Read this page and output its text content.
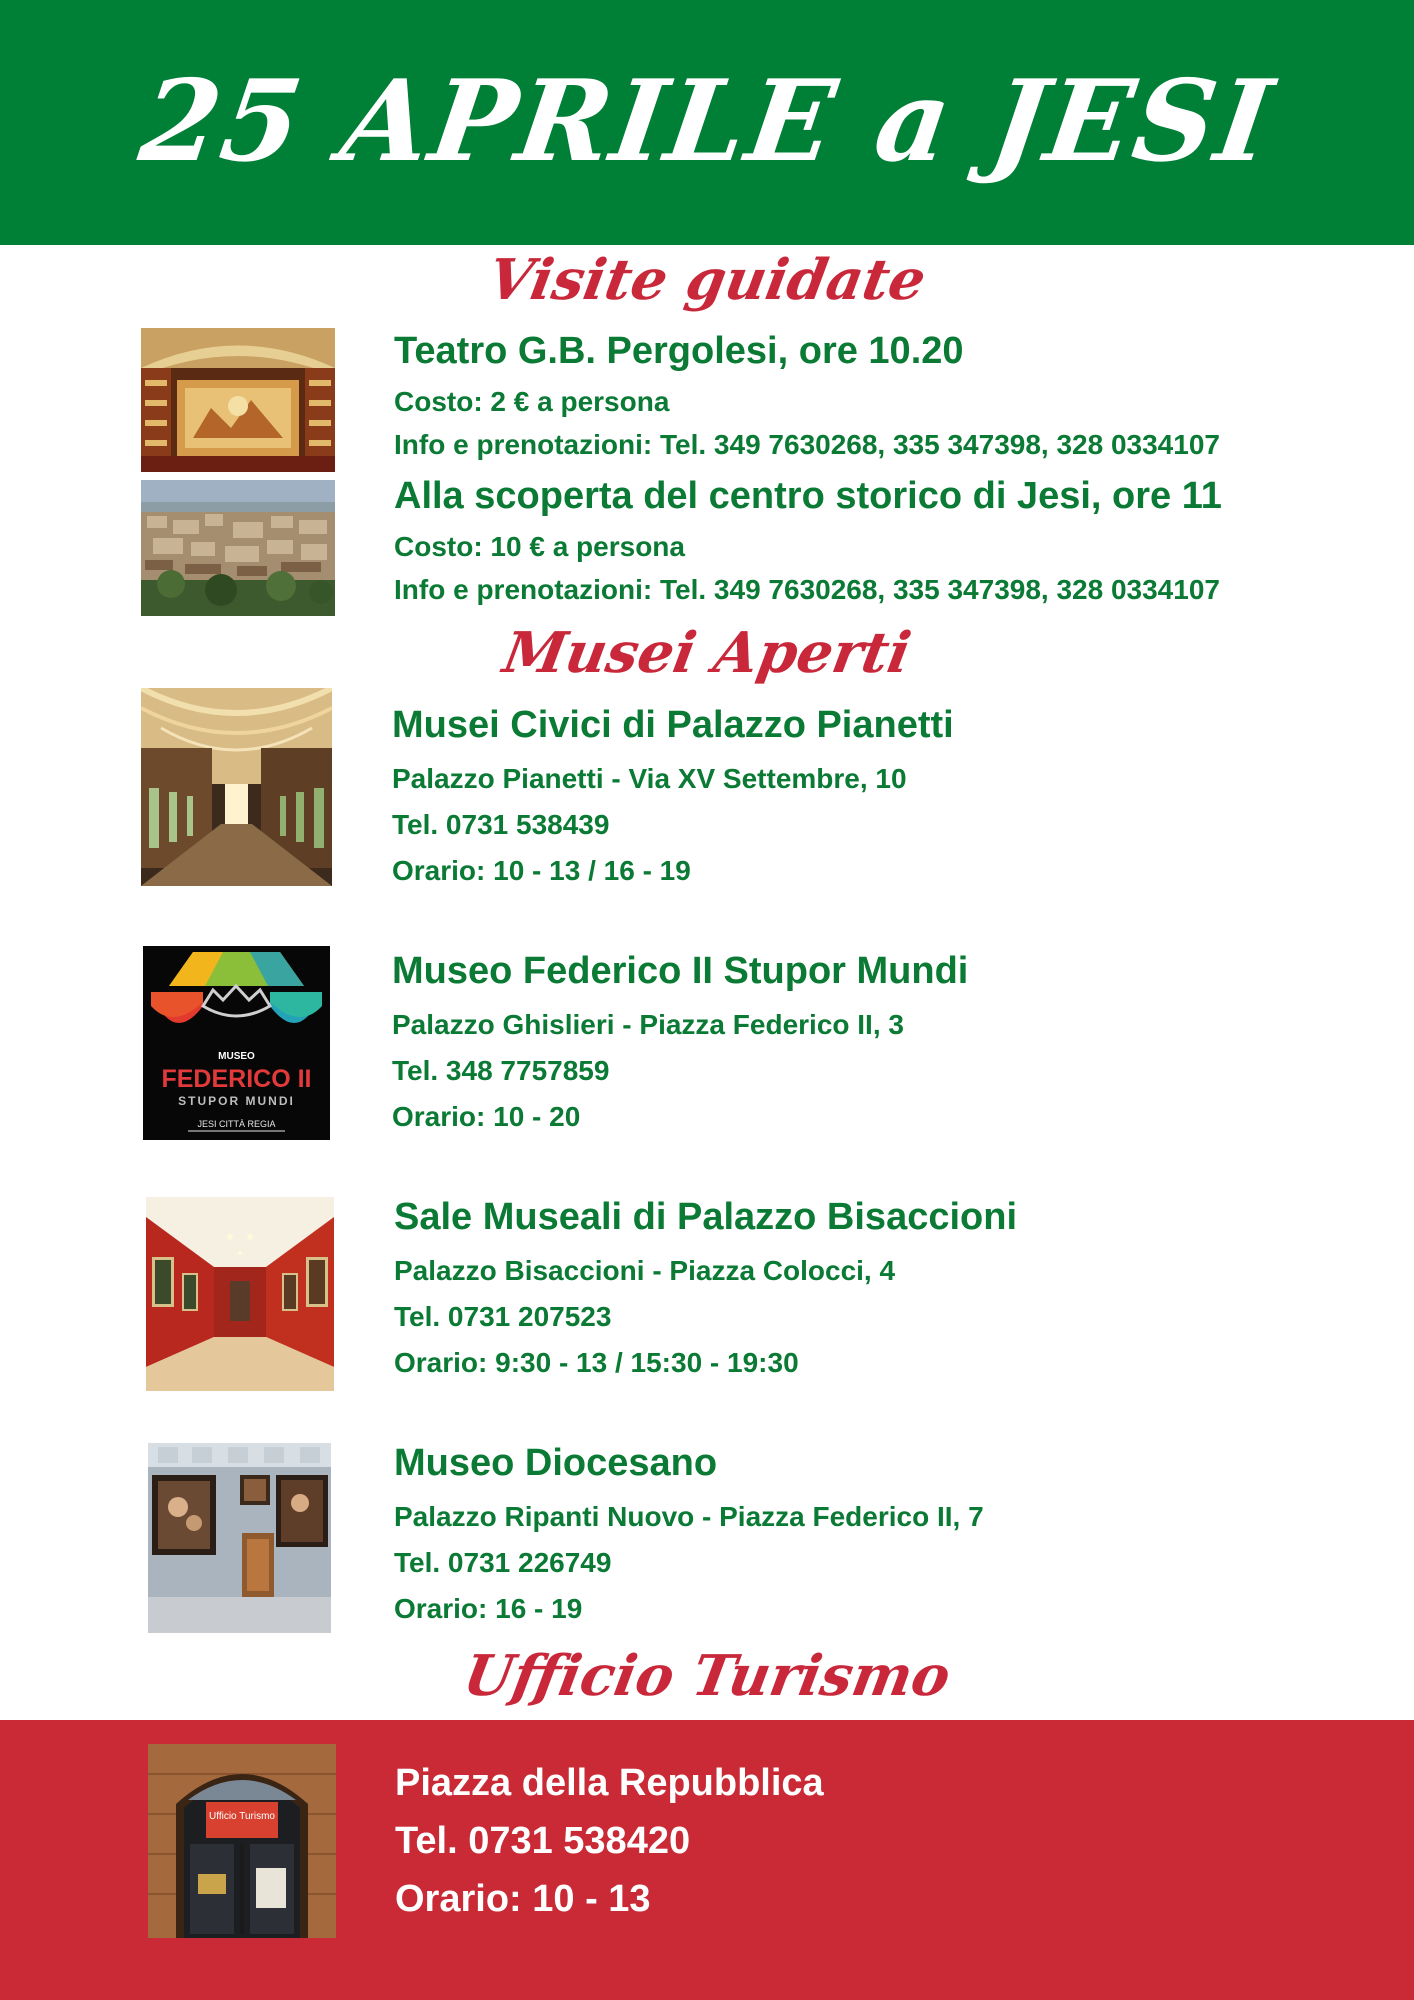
25 APRILE a JESI
Visite guidate
Teatro G.B. Pergolesi, ore 10.20
Costo: 2 € a persona
Info e prenotazioni: Tel. 349 7630268, 335 347398, 328 0334107
Alla scoperta del centro storico di Jesi, ore 11
Costo: 10 € a persona
Info e prenotazioni: Tel. 349 7630268, 335 347398, 328 0334107
Musei Aperti
Musei Civici di Palazzo Pianetti
Palazzo Pianetti - Via XV Settembre, 10
Tel. 0731 538439
Orario: 10 - 13 / 16 - 19
MUSEO
FEDERICO II
STUPOR MUNDI
JESI CITTÀ REGIA
Museo Federico II Stupor Mundi
Palazzo Ghislieri - Piazza Federico II, 3
Tel. 348 7757859
Orario: 10 - 20
Sale Museali di Palazzo Bisaccioni
Palazzo Bisaccioni - Piazza Colocci, 4
Tel. 0731 207523
Orario: 9:30 - 13 / 15:30 - 19:30
Museo Diocesano
Palazzo Ripanti Nuovo - Piazza Federico II, 7
Tel. 0731 226749
Orario: 16 - 19
Ufficio Turismo
Ufficio Turismo
Piazza della Repubblica
Tel. 0731 538420
Orario: 10 - 13
